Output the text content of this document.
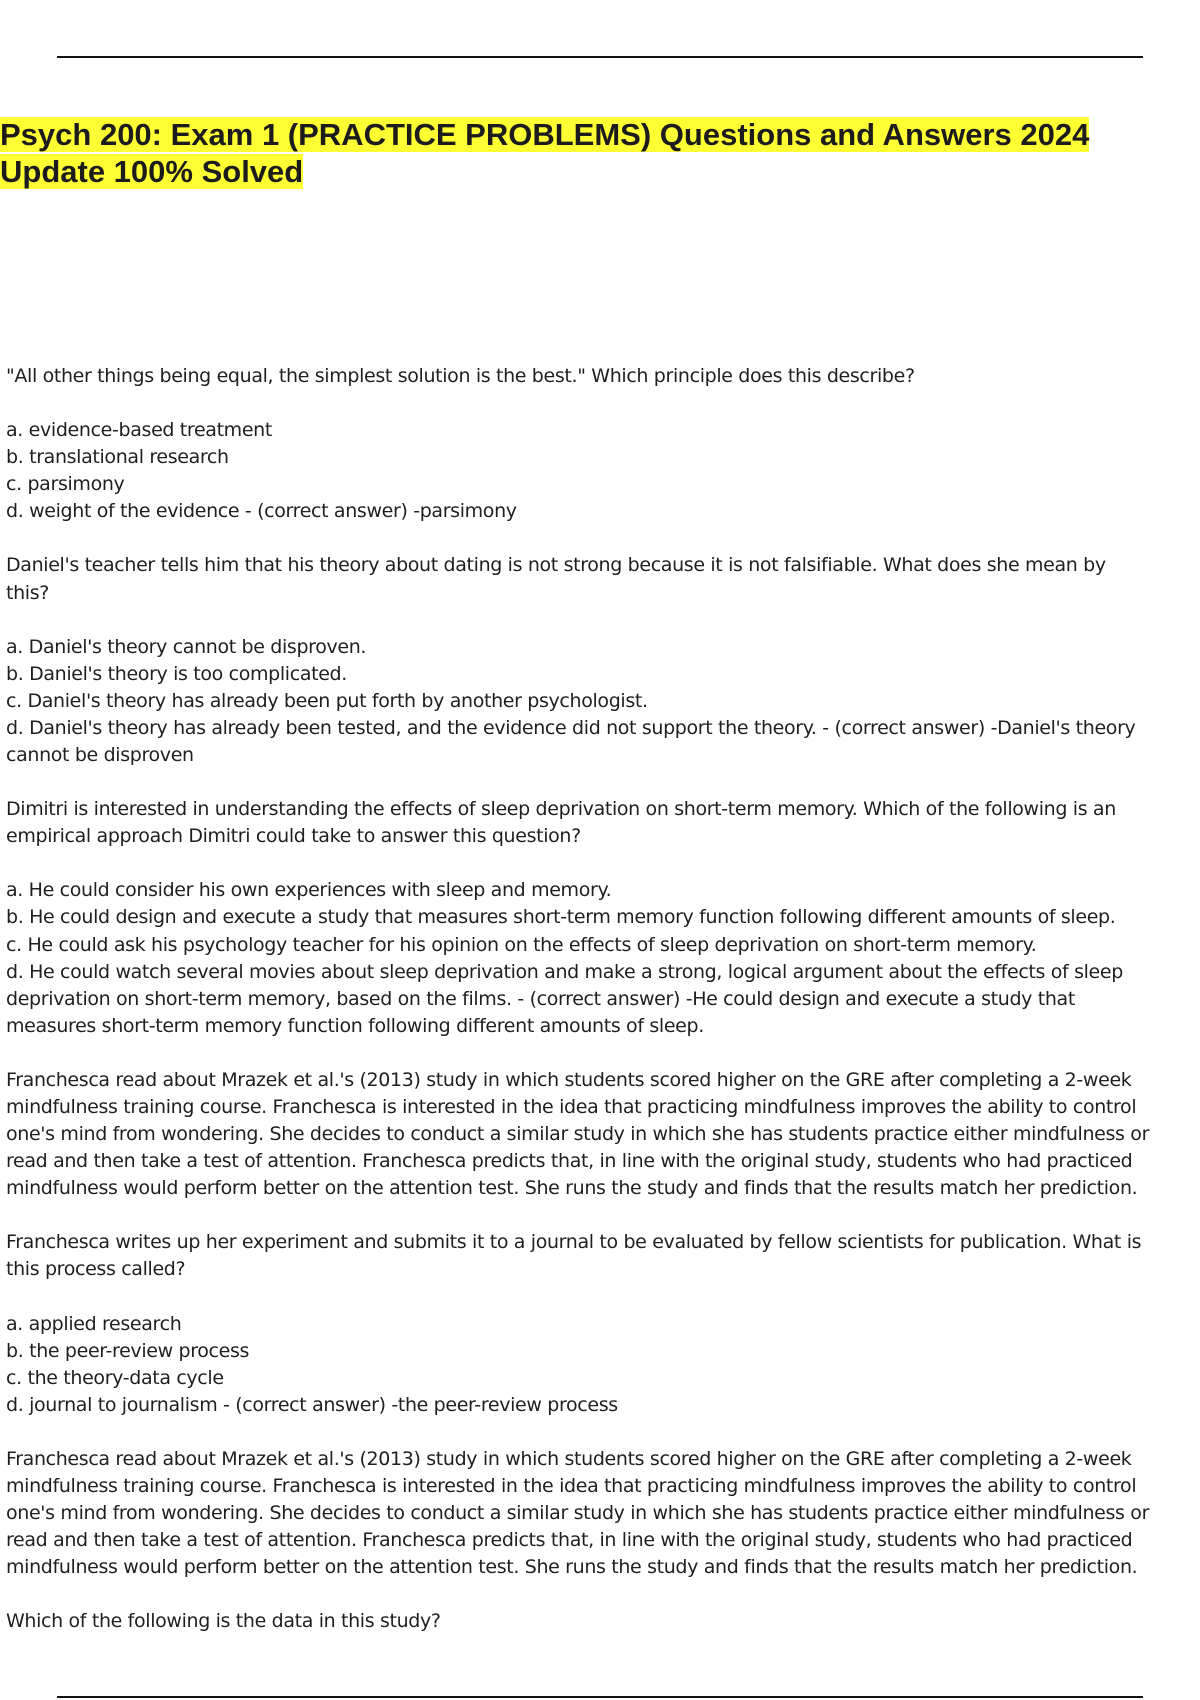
Psych 200: Exam 1 (PRACTICE PROBLEMS) Questions and Answers 2024 Update 100% Solved

"All other things being equal, the simplest solution is the best." Which principle does this describe?

a. evidence-based treatment

b. translational research

c. parsimony

d. weight of the evidence - (correct answer) -parsimony

Daniel's teacher tells him that his theory about dating is not strong because it is not falsifiable. What does she mean by this?

a. Daniel's theory cannot be disproven.

b. Daniel's theory is too complicated.

c. Daniel's theory has already been put forth by another psychologist.

d. Daniel's theory has already been tested, and the evidence did not support the theory. - (correct answer) -Daniel's theory cannot be disproven

Dimitri is interested in understanding the effects of sleep deprivation on short-term memory. Which of the following is an empirical approach Dimitri could take to answer this question?

a. He could consider his own experiences with sleep and memory.

b. He could design and execute a study that measures short-term memory function following different amounts of sleep.

c. He could ask his psychology teacher for his opinion on the effects of sleep deprivation on short-term memory.

d. He could watch several movies about sleep deprivation and make a strong, logical argument about the effects of sleep deprivation on short-term memory, based on the films. - (correct answer) -He could design and execute a study that measures short-term memory function following different amounts of sleep.

Franchesca read about Mrazek et al.'s (2013) study in which students scored higher on the GRE after completing a 2-week mindfulness training course. Franchesca is interested in the idea that practicing mindfulness improves the ability to control one's mind from wondering. She decides to conduct a similar study in which she has students practice either mindfulness or read and then take a test of attention. Franchesca predicts that, in line with the original study, students who had practiced mindfulness would perform better on the attention test. She runs the study and finds that the results match her prediction.

Franchesca writes up her experiment and submits it to a journal to be evaluated by fellow scientists for publication. What is this process called?

a. applied research

b. the peer-review process

c. the theory-data cycle

d. journal to journalism - (correct answer) -the peer-review process

Franchesca read about Mrazek et al.'s (2013) study in which students scored higher on the GRE after completing a 2-week mindfulness training course. Franchesca is interested in the idea that practicing mindfulness improves the ability to control one's mind from wondering. She decides to conduct a similar study in which she has students practice either mindfulness or read and then take a test of attention. Franchesca predicts that, in line with the original study, students who had practiced mindfulness would perform better on the attention test. She runs the study and finds that the results match her prediction.

Which of the following is the data in this study?
